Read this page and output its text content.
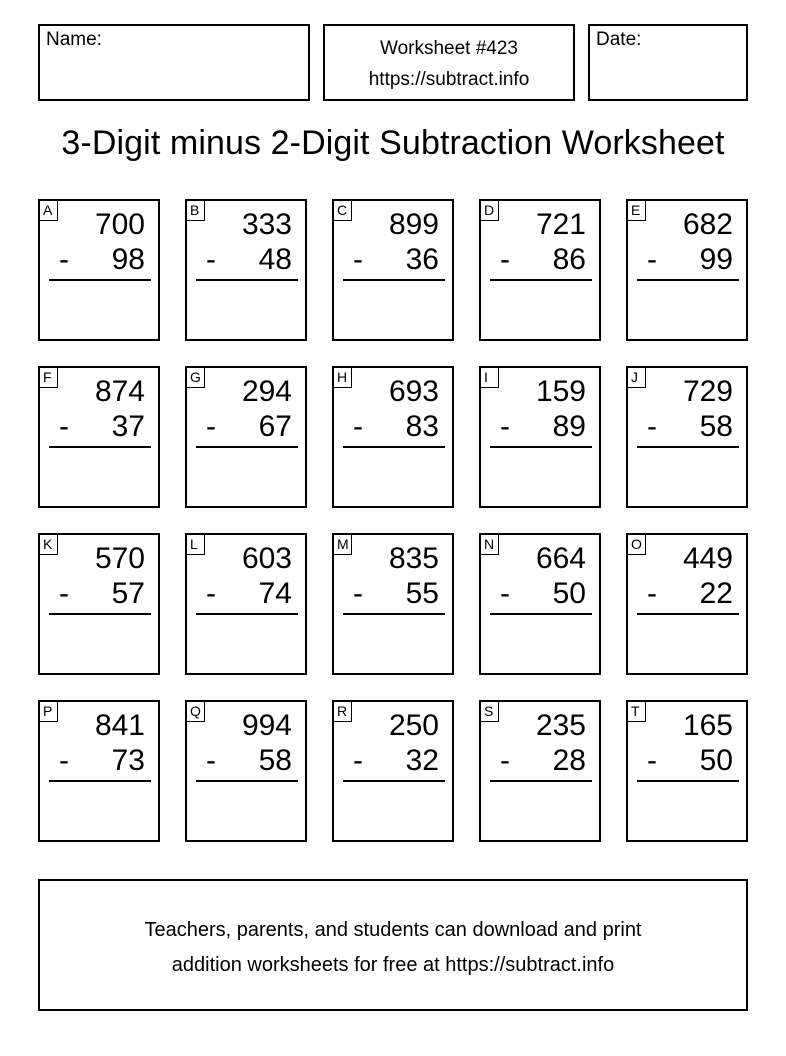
Name:	Worksheet #423
https://subtract.info
Date:
3-Digit minus 2-Digit Subtraction Worksheet
A 700
- 98
B 333
- 48
C 899
- 36
D 721
- 86
E 682
- 99
F 874
- 37
G 294
- 67
H 693
- 83
I	159
- 89
J 729
- 58
K 570
- 57
L 603
- 74
M 835
- 55
N 664
- 50
O 449
- 22
P 841
- 73
Q 994
- 58
R 250
- 32
S 235
- 28
T 165
- 50
Teachers, parents, and students can download and print
addition worksheets for free at https://subtract.info
